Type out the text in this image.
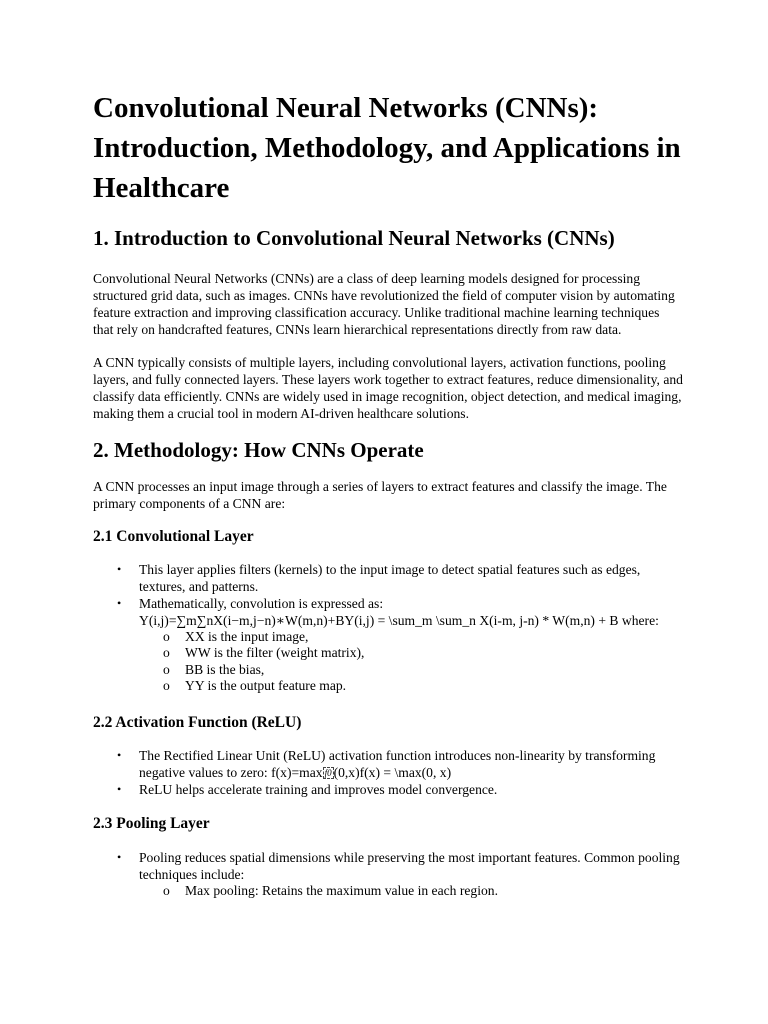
Convolutional Neural Networks (CNNs): Introduction, Methodology, and Applications in Healthcare
1. Introduction to Convolutional Neural Networks (CNNs)

Convolutional Neural Networks (CNNs) are a class of deep learning models designed for processing structured grid data, such as images. CNNs have revolutionized the field of computer vision by automating feature extraction and improving classification accuracy. Unlike traditional machine learning techniques that rely on handcrafted features, CNNs learn hierarchical representations directly from raw data.

A CNN typically consists of multiple layers, including convolutional layers, activation functions, pooling layers, and fully connected layers. These layers work together to extract features, reduce dimensionality, and classify data efficiently. CNNs are widely used in image recognition, object detection, and medical imaging, making them a crucial tool in modern AI-driven healthcare solutions.

2. Methodology: How CNNs Operate

A CNN processes an input image through a series of layers to extract features and classify the image. The primary components of a CNN are:

2.1 Convolutional Layer
• This layer applies filters (kernels) to the input image to detect spatial features such as edges, textures, and patterns.
• Mathematically, convolution is expressed as:
Y(i,j)=∑m∑nX(i−m,j−n)∗W(m,n)+BY(i,j) = \sum_m \sum_n X(i-m, j-n) * W(m,n) + B where:
o XX is the input image,
o WW is the filter (weight matrix),
o BB is the bias,
o YY is the output feature map.
2.2 Activation Function (ReLU)
• The Rectified Linear Unit (ReLU) activation function introduces non-linearity by transforming negative values to zero: f(x)=max f0 (0,x)f(x) = \max(0, x)
• ReLU helps accelerate training and improves model convergence.
2.3 Pooling Layer
• Pooling reduces spatial dimensions while preserving the most important features. Common pooling techniques include:
o Max pooling: Retains the maximum value in each region.
